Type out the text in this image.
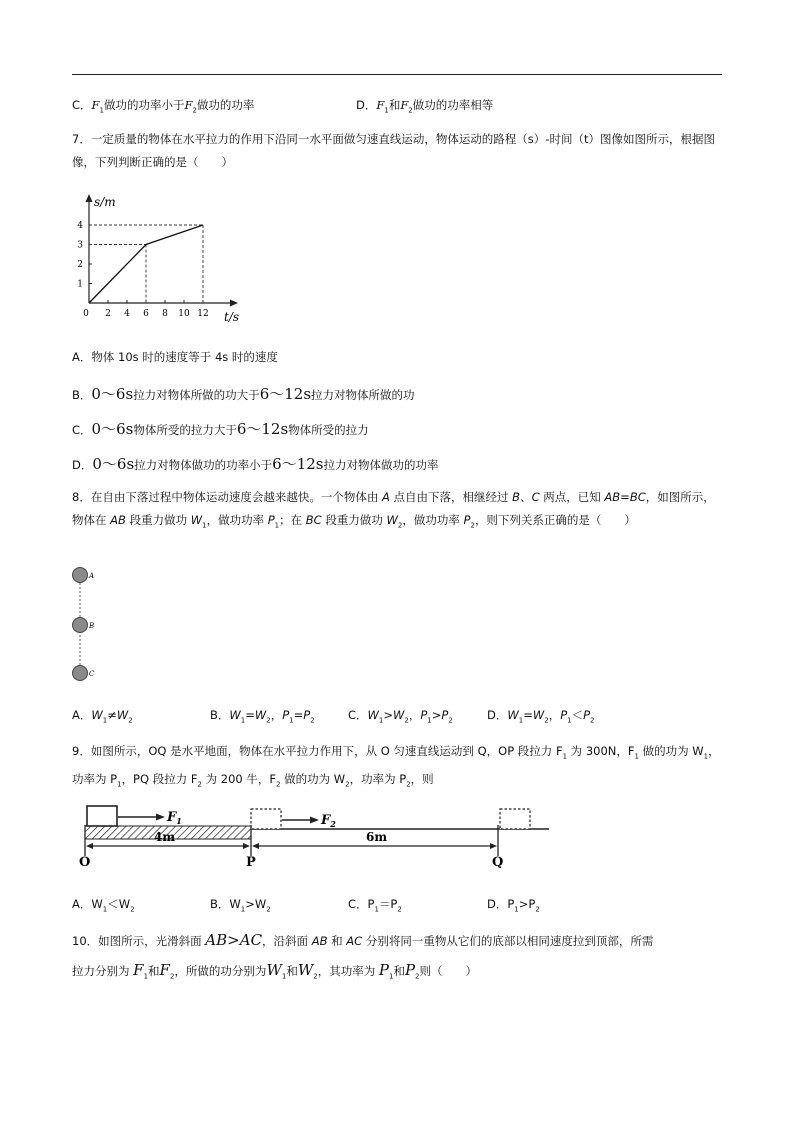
C．$F_1$做功的功率小于$F_2$做功的功率	D．$F_1$和$F_2$做功的功率相等
7．一定质量的物体在水平拉力的作用下沿同一水平面做匀速直线运动，物体运动的路程（s）-时间（t）图像如图所示，根据图像，下列判断正确的是（　　）
0 2 4 6 8 10 12
1
2
3
4
s/m
t/s
A．物体 10s 时的速度等于 4s 时的速度
B．0～6s拉力对物体所做的功大于6～12s拉力对物体所做的功
C．0～6s物体所受的拉力大于6～12s物体所受的拉力
D．0～6s拉力对物体做功的功率小于6～12s拉力对物体做功的功率
8．在自由下落过程中物体运动速度会越来越快。一个物体由 A 点自由下落，相继经过 B、C 两点，已知 AB=BC，如图所示，物体在 AB 段重力做功 $W_1$，做功功率 $P_1$；在 BC 段重力做功 $W_2$，做功功率 $P_2$，则下列关系正确的是（　　）
A
B
C
A．$W_1\ne W_2$	B．$W_1=W_2$，$P_1=P_2$	C．$W_1>W_2$，$P_1>P_2$	D．$W_1=W_2$，$P_1<P_2$
9．如图所示，OQ 是水平地面，物体在水平拉力作用下，从 O 匀速直线运动到 Q，OP 段拉力 $F_1$ 为 300N，$F_1$ 做的功为 $W_1$，功率为 $P_1$，PQ 段拉力 $F_2$ 为 200 牛，$F_2$ 做的功为 $W_2$，功率为 $P_2$，则
$F_1$	$F_2$
4m	6m
O	P	Q
A．$W_1<W_2$	B．$W_1>W_2$	C．$P_1=P_2$	D．$P_1>P_2$
10．如图所示，光滑斜面 AB>AC，沿斜面 AB 和 AC 分别将同一重物从它们的底部以相同速度拉到顶部，所需
拉力分别为 $F_1$和$F_2$，所做的功分别为$W_1$和$W_2$，其功率为 $P_1$和$P_2$则（　　）
